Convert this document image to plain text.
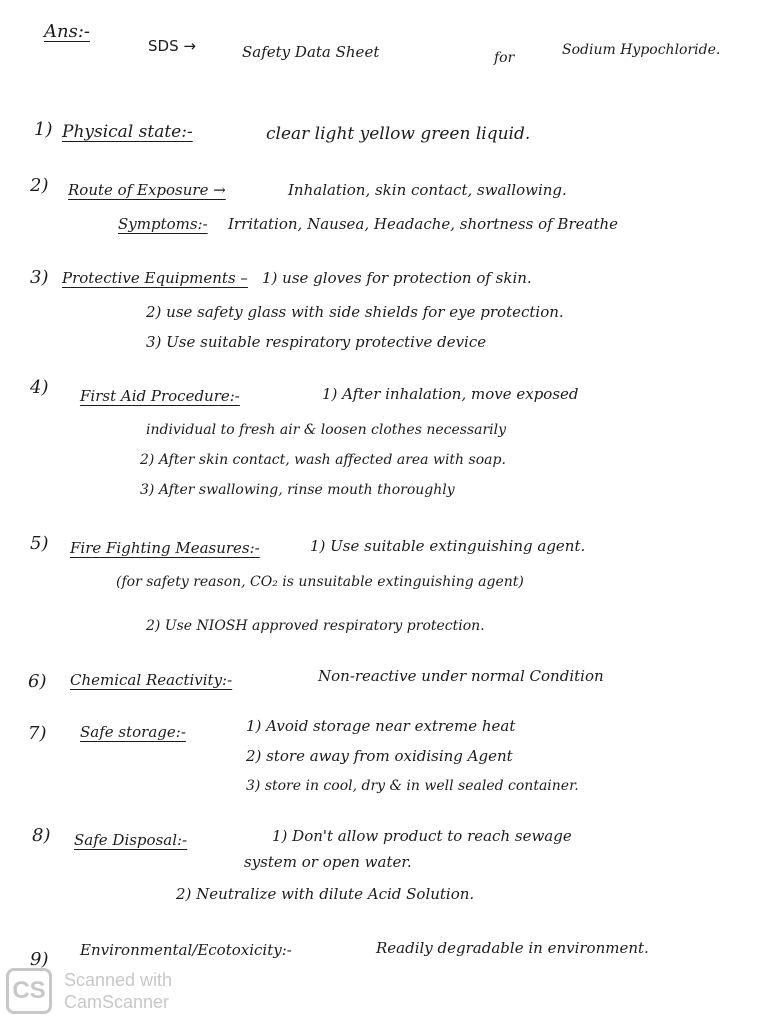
Ans:-
SDS →	Safety Data Sheet	for	Sodium Hypochloride.
1) Physical state:-	clear light yellow green liquid.
2) Route of Exposure →	Inhalation, skin contact, swallowing.
Symptoms:- Irritation, Nausea, Headache, shortness of Breathe
3) Protective Equipments – 1) use gloves for protection of skin.
2) use safety glass with side shields for eye protection.
3) Use suitable respiratory protective device
4) First Aid Procedure:-	1) After inhalation, move exposed
individual to fresh air & loosen clothes necessarily
2) After skin contact, wash affected area with soap.
3) After swallowing, rinse mouth thoroughly
5) Fire Fighting Measures:-	1) Use suitable extinguishing agent.
(for safety reason, CO₂ is unsuitable extinguishing agent)
2) Use NIOSH approved respiratory protection.
6) Chemical Reactivity:-	Non-reactive under normal Condition
7) Safe storage:-	1) Avoid storage near extreme heat
2) store away from oxidising Agent
3) store in cool, dry & in well sealed container.
8) Safe Disposal:-	1) Don't allow product to reach sewage
system or open water.
2) Neutralize with dilute Acid Solution.
9) Environmental/Ecotoxicity:-	Readily degradable in environment.
CS	Scanned with
CamScanner
